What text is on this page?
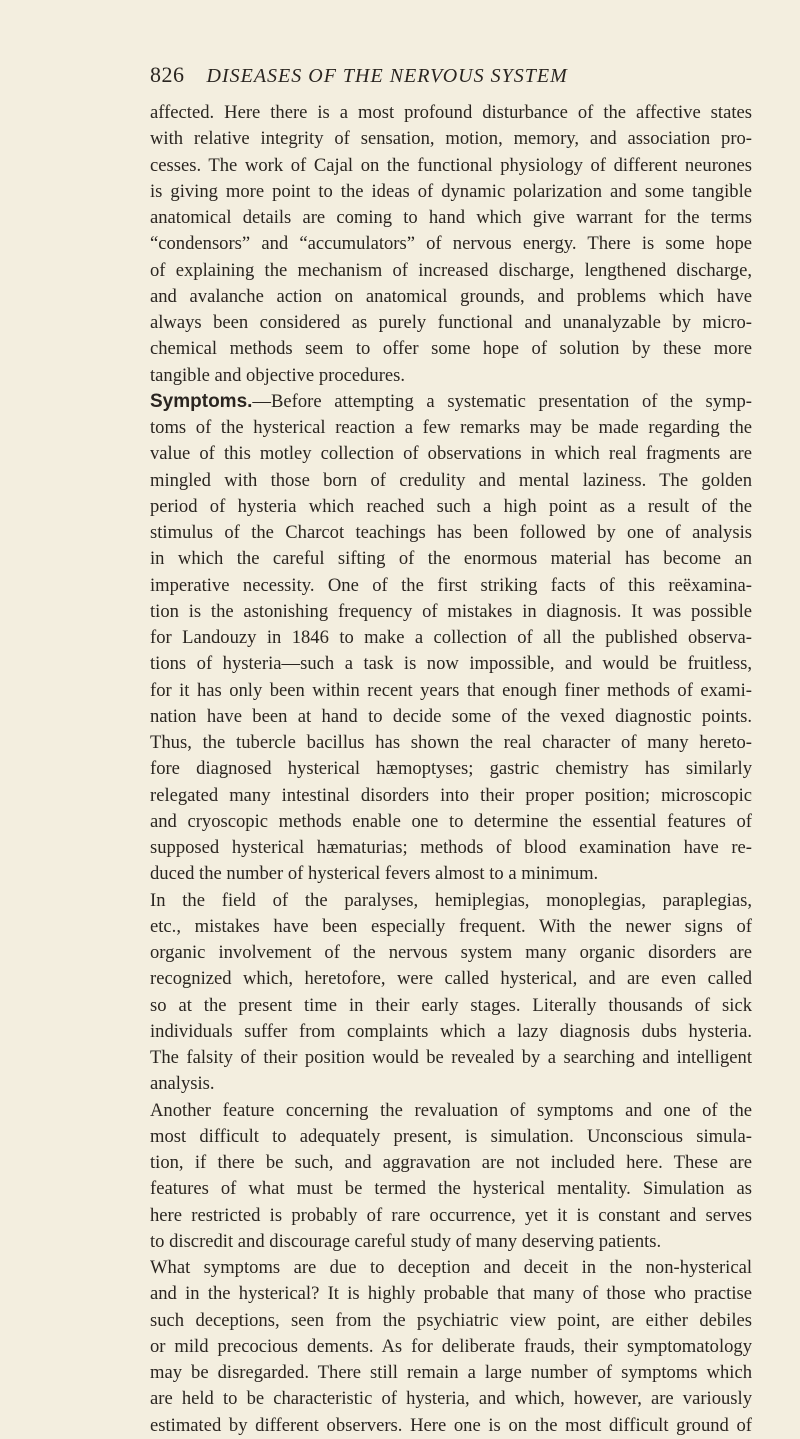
826 DISEASES OF THE NERVOUS SYSTEM
affected. Here there is a most profound disturbance of the affective states
with relative integrity of sensation, motion, memory, and association pro-
cesses. The work of Cajal on the functional physiology of different neurones
is giving more point to the ideas of dynamic polarization and some tangible
anatomical details are coming to hand which give warrant for the terms
“condensors” and “accumulators” of nervous energy. There is some hope
of explaining the mechanism of increased discharge, lengthened discharge,
and avalanche action on anatomical grounds, and problems which have
always been considered as purely functional and unanalyzable by micro-
chemical methods seem to offer some hope of solution by these more
tangible and objective procedures.
Symptoms.—Before attempting a systematic presentation of the symp-
toms of the hysterical reaction a few remarks may be made regarding the
value of this motley collection of observations in which real fragments are
mingled with those born of credulity and mental laziness. The golden
period of hysteria which reached such a high point as a result of the
stimulus of the Charcot teachings has been followed by one of analysis
in which the careful sifting of the enormous material has become an
imperative necessity. One of the first striking facts of this reëxamina-
tion is the astonishing frequency of mistakes in diagnosis. It was possible
for Landouzy in 1846 to make a collection of all the published observa-
tions of hysteria—such a task is now impossible, and would be fruitless,
for it has only been within recent years that enough finer methods of exami-
nation have been at hand to decide some of the vexed diagnostic points.
Thus, the tubercle bacillus has shown the real character of many hereto-
fore diagnosed hysterical hæmoptyses; gastric chemistry has similarly
relegated many intestinal disorders into their proper position; microscopic
and cryoscopic methods enable one to determine the essential features of
supposed hysterical hæmaturias; methods of blood examination have re-
duced the number of hysterical fevers almost to a minimum.
In the field of the paralyses, hemiplegias, monoplegias, paraplegias,
etc., mistakes have been especially frequent. With the newer signs of
organic involvement of the nervous system many organic disorders are
recognized which, heretofore, were called hysterical, and are even called
so at the present time in their early stages. Literally thousands of sick
individuals suffer from complaints which a lazy diagnosis dubs hysteria.
The falsity of their position would be revealed by a searching and intelligent
analysis.
Another feature concerning the revaluation of symptoms and one of the
most difficult to adequately present, is simulation. Unconscious simula-
tion, if there be such, and aggravation are not included here. These are
features of what must be termed the hysterical mentality. Simulation as
here restricted is probably of rare occurrence, yet it is constant and serves
to discredit and discourage careful study of many deserving patients.
What symptoms are due to deception and deceit in the non-hysterical
and in the hysterical? It is highly probable that many of those who practise
such deceptions, seen from the psychiatric view point, are either debiles
or mild precocious dements. As for deliberate frauds, their symptomatology
may be disregarded. There still remain a large number of symptoms which
are held to be characteristic of hysteria, and which, however, are variously
estimated by different observers. Here one is on the most difficult ground of
